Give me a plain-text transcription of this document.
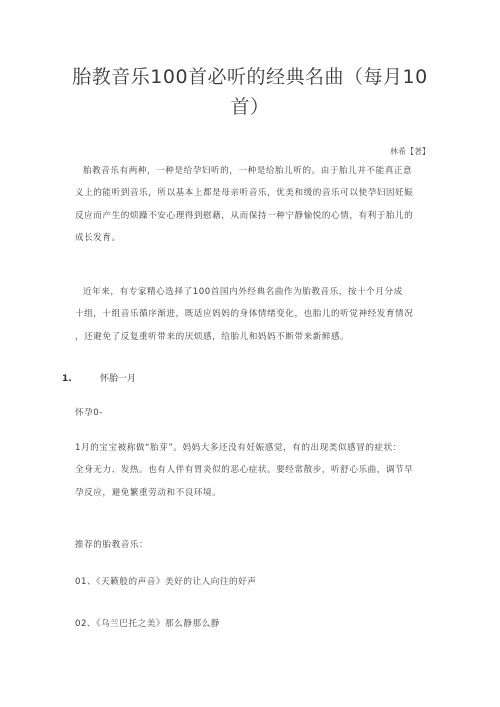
胎教音乐100首必听的经典名曲（每月10
首）
林希【著】

胎教音乐有两种，一种是给孕妇听的，一种是给胎儿听的。由于胎儿并不能真正意

义上的能听到音乐，所以基本上都是母亲听音乐，优美和缓的音乐可以使孕妇因妊娠

反应而产生的烦躁不安心理得到慰藉，从而保持一种宁静愉悦的心情，有利于胎儿的

成长发育。

近年来，有专家精心选择了100首国内外经典名曲作为胎教音乐，按十个月分成

十组，十组音乐循序渐进，既适应妈妈的身体情绪变化，也胎儿的听觉神经发育情况

，还避免了反复重听带来的厌烦感，给胎儿和妈妈不断带来新鲜感。

1.	怀胎一月

怀孕0-

1月的宝宝被称做“胎芽”。妈妈大多还没有妊娠感觉，有的出现类似感冒的症状：

全身无力、发热。也有人伴有胃炎似的恶心症状。要经常散步，听舒心乐曲，调节早

孕反应，避免繁重劳动和不良环境。

推荐的胎教音乐：
01、《天籁般的声音》美好的让人向往的好声
02、《乌兰巴托之美》那么静那么静
